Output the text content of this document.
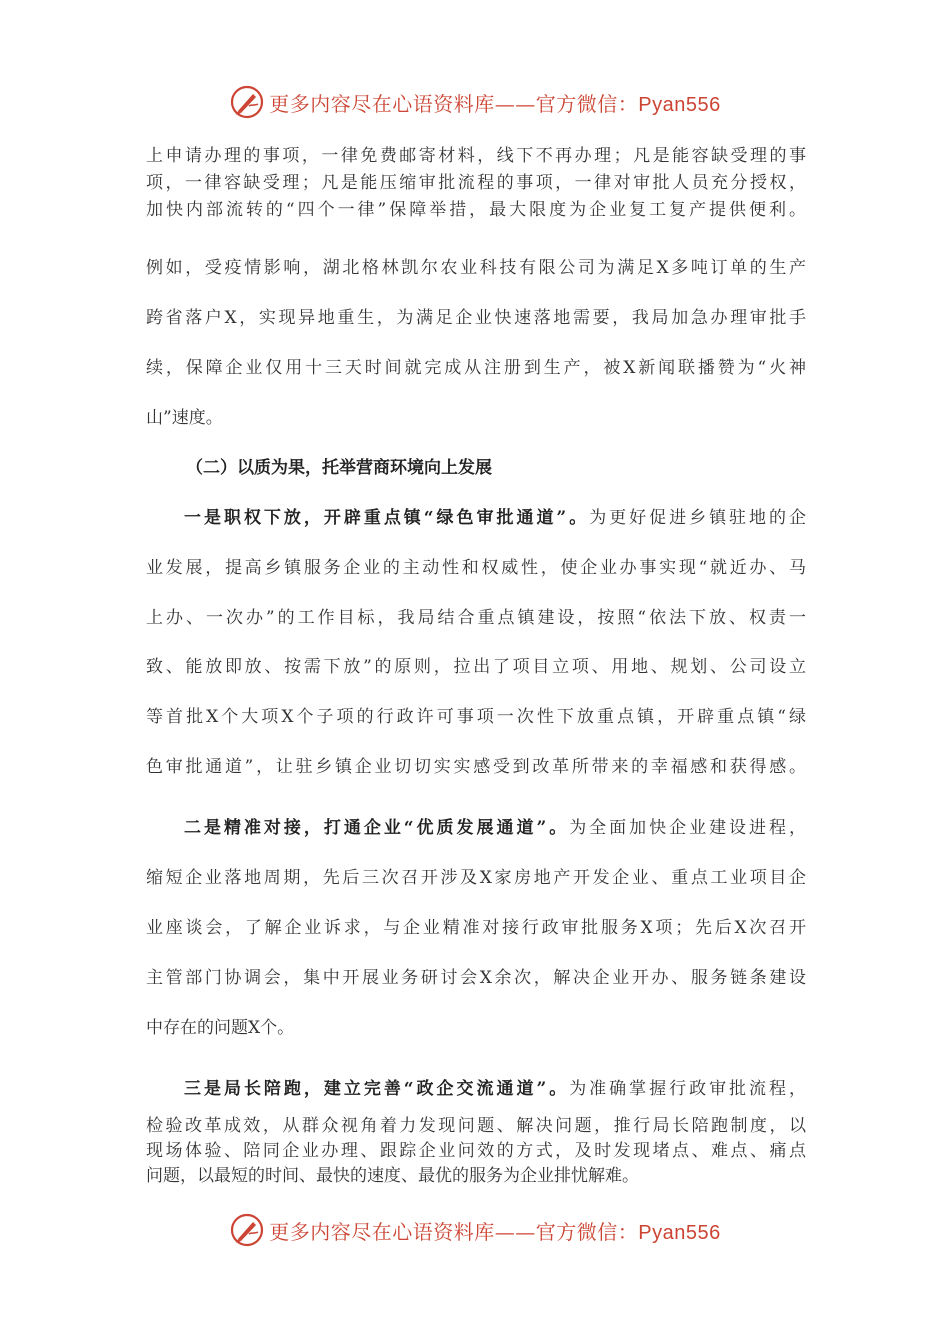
更多内容尽在心语资料库——官方微信：Pyan556
上申请办理的事项，一律免费邮寄材料，线下不再办理；凡是能容缺受理的事
项，一律容缺受理；凡是能压缩审批流程的事项，一律对审批人员充分授权，
加快内部流转的“四个一律”保障举措，最大限度为企业复工复产提供便利。
例如，受疫情影响，湖北格林凯尔农业科技有限公司为满足X多吨订单的生产
跨省落户X，实现异地重生，为满足企业快速落地需要，我局加急办理审批手
续，保障企业仅用十三天时间就完成从注册到生产，被X新闻联播赞为“火神
山”速度。
（二）以质为果，托举营商环境向上发展
一是职权下放，开辟重点镇“绿色审批通道”。为更好促进乡镇驻地的企
业发展，提高乡镇服务企业的主动性和权威性，使企业办事实现“就近办、马
上办、一次办”的工作目标，我局结合重点镇建设，按照“依法下放、权责一
致、能放即放、按需下放”的原则，拉出了项目立项、用地、规划、公司设立
等首批X个大项X个子项的行政许可事项一次性下放重点镇，开辟重点镇“绿
色审批通道”，让驻乡镇企业切切实实感受到改革所带来的幸福感和获得感。
二是精准对接，打通企业“优质发展通道”。为全面加快企业建设进程，
缩短企业落地周期，先后三次召开涉及X家房地产开发企业、重点工业项目企
业座谈会，了解企业诉求，与企业精准对接行政审批服务X项；先后X次召开
主管部门协调会，集中开展业务研讨会X余次，解决企业开办、服务链条建设
中存在的问题X个。
三是局长陪跑，建立完善“政企交流通道”。为准确掌握行政审批流程，
检验改革成效，从群众视角着力发现问题、解决问题，推行局长陪跑制度，以
现场体验、陪同企业办理、跟踪企业问效的方式，及时发现堵点、难点、痛点
问题，以最短的时间、最快的速度、最优的服务为企业排忧解难。
更多内容尽在心语资料库——官方微信：Pyan556
